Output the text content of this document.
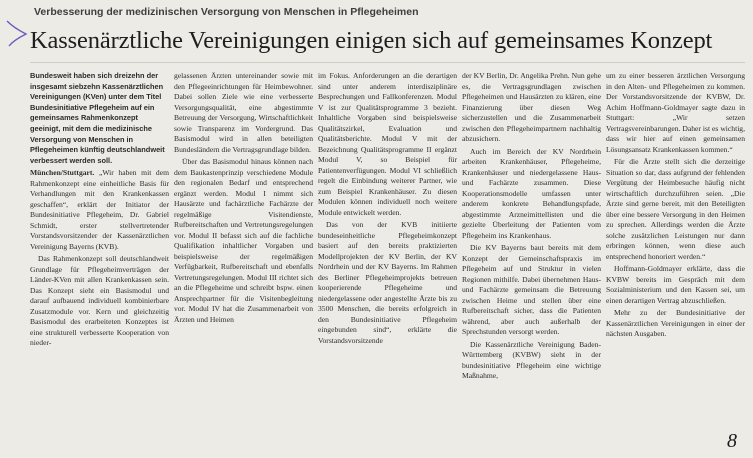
Verbesserung der medizinischen Versorgung von Menschen in Pflegeheimen
Kassenärztliche Vereinigungen einigen sich auf gemeinsames Konzept

Bundesweit haben sich dreizehn der insgesamt siebzehn Kassenärztlichen Vereinigungen (KVen) unter dem Titel Bundesinitiative Pflegeheim auf ein gemeinsames Rahmenkonzept geeinigt, mit dem die medizinische Versorgung von Menschen in Pflegeheimen künftig deutschlandweit verbessert werden soll.

München/Stuttgart. „Wir haben mit dem Rahmenkonzept eine einheitliche Basis für Verhandlungen mit den Krankenkassen geschaffen“, erklärt der Initiator der Bundesinitiative Pflegeheim, Dr. Gabriel Schmidt, erster stellvertretender Vorstandsvorsitzender der Kassenärztlichen Vereinigung Bayerns (KVB).

Das Rahmenkonzept soll deutschlandweit Grundlage für Pflegeheimverträgen der Länder-KVen mit allen Krankenkassen sein. Das Konzept sieht ein Basismodul und darauf aufbauend individuell kombinierbare Zusatzmodule vor. Kern und gleichzeitig Basismodul des erarbeiteten Konzeptes ist eine strukturell verbesserte Kooperation von nieder-

gelassenen Ärzten untereinander sowie mit den Pflegeeinrichtungen für Heimbewohner. Dabei sollen Ziele wie eine verbesserte Versorgungsqualität, eine abgestimmte Betreuung der Versorgung, Wirtschaftlichkeit sowie Transparenz im Vordergrund. Das Basismodul wird in allen beteiligten Bundesländern die Vertragsgrundlage bilden.

Über das Basismodul hinaus können nach dem Baukastenprinzip verschiedene Module den regionalen Bedarf und entsprechend ergänzt werden. Modul I nimmt sich Hausärzte und fachärztliche Fachärzte der regelmäßige Visitendienste, Rufbereitschaften und Vertretungsregelungen vor. Modul II befasst sich auf die fachliche Qualifikation inhaltlicher Vorgaben und beispielsweise der regelmäßigen Verfügbarkeit, Rufbereitschaft und ebenfalls Vertretungsregelungen. Modul III richtet sich an die Pflegeheime und schreibt bspw. einen Ansprechpartner für die Visitenbegleitung vor. Modul IV hat die Zusammenarbeit von Ärzten und Heimen

im Fokus. Anforderungen an die derartigen sind unter anderem interdisziplinäre Besprechungen und Fallkonferenzen. Modul V ist zur Qualitätsprogramme 3 bezieht. Inhaltliche Vorgaben sind beispielsweise Qualitätszirkel, Evaluation und Qualitätsberichte. Modul V mit der Bezeichnung Qualitätsprogramme II ergänzt Modul V, so Beispiel für Patientenverfügungen. Modul VI schließlich regelt die Einbindung weiterer Partner, wie zum Beispiel Krankenhäuser. Zu diesen Modulen können individuell noch weitere Module entwickelt werden.

Das von der KVB initiierte bundeseinheitliche Pflegeheimkonzept basiert auf den bereits praktizierten Modellprojekten der KV Berlin, der KV Nordrhein und der KV Bayerns. Im Rahmen des Berliner Pflegeheimprojekts betreuen kooperierende Pflegeheime und niedergelassene oder angestellte Ärzte bis zu 3500 Menschen, die bereits erfolgreich in den Bundesinitiative Pflegeheim eingebunden sind“, erklärte die Vorstandsvorsitzende

der KV Berlin, Dr. Angelika Prehn. Nun gehe es, die Vertragsgrundlagen zwischen Pflegeheimen und Hausärzten zu klären, eine Finanzierung über diesen Weg sicherzustellen und die Zusammenarbeit zwischen den Pflegeheimpartnern nachhaltig abzusichern.

Auch im Bereich der KV Nordrhein arbeiten Krankenhäuser, Pflegeheime, Krankenhäuser und niedergelassene Haus- und Fachärzte zusammen. Diese Kooperationsmodelle umfassen unter anderem konkrete Behandlungspfade, abgestimmte Arzneimittellisten und die gezielte Überleitung der Patienten vom Pflegeheim ins Krankenhaus.

Die KV Bayerns baut bereits mit dem Konzept der Gemeinschaftspraxis im Pflegeheim auf und Struktur in vielen Regionen mithilfe. Dabei übernehmen Haus- und Fachärzte gemeinsam die Betreuung zwischen Heime und stellen über eine Rufbereitschaft sicher, dass die Patienten während, aber auch außerhalb der Sprechstunden versorgt werden.

Die Kassenärztliche Vereinigung Baden-Württemberg (KVBW) sieht in der bundesinitiative Pflegeheim eine wichtige Maßnahme,

um zu einer besseren ärztlichen Versorgung in den Alten- und Pflegeheimen zu kommen. Der Vorstandsvorsitzende der KVBW, Dr. Achim Hoffmann-Goldmayer sagte dazu in Stuttgart: „Wir setzen Vertragsvereinbarungen. Daher ist es wichtig, dass wir hier auf einen gemeinsamen Lösungsansatz Krankenkassen kommen.“

Für die Ärzte stellt sich die derzeitige Situation so dar, dass aufgrund der fehlenden Vergütung der Heimbesuche häufig nicht wirtschaftlich durchzuführen seien. „Die Ärzte sind gerne bereit, mit den Beteiligten über eine bessere Versorgung in den Heimen zu sprechen. Allerdings werden die Ärzte solche zusätzlichen Leistungen nur dann erbringen können, wenn diese auch entsprechend honoriert werden.“

Hoffmann-Goldmayer erklärte, dass die KVBW bereits im Gespräch mit dem Sozialministerium und den Kassen sei, um einen derartigen Vertrag abzuschließen.

Mehr zu der Bundesinitiative der Kassenärztlichen Vereinigungen in einer der nächsten Ausgaben.

8
